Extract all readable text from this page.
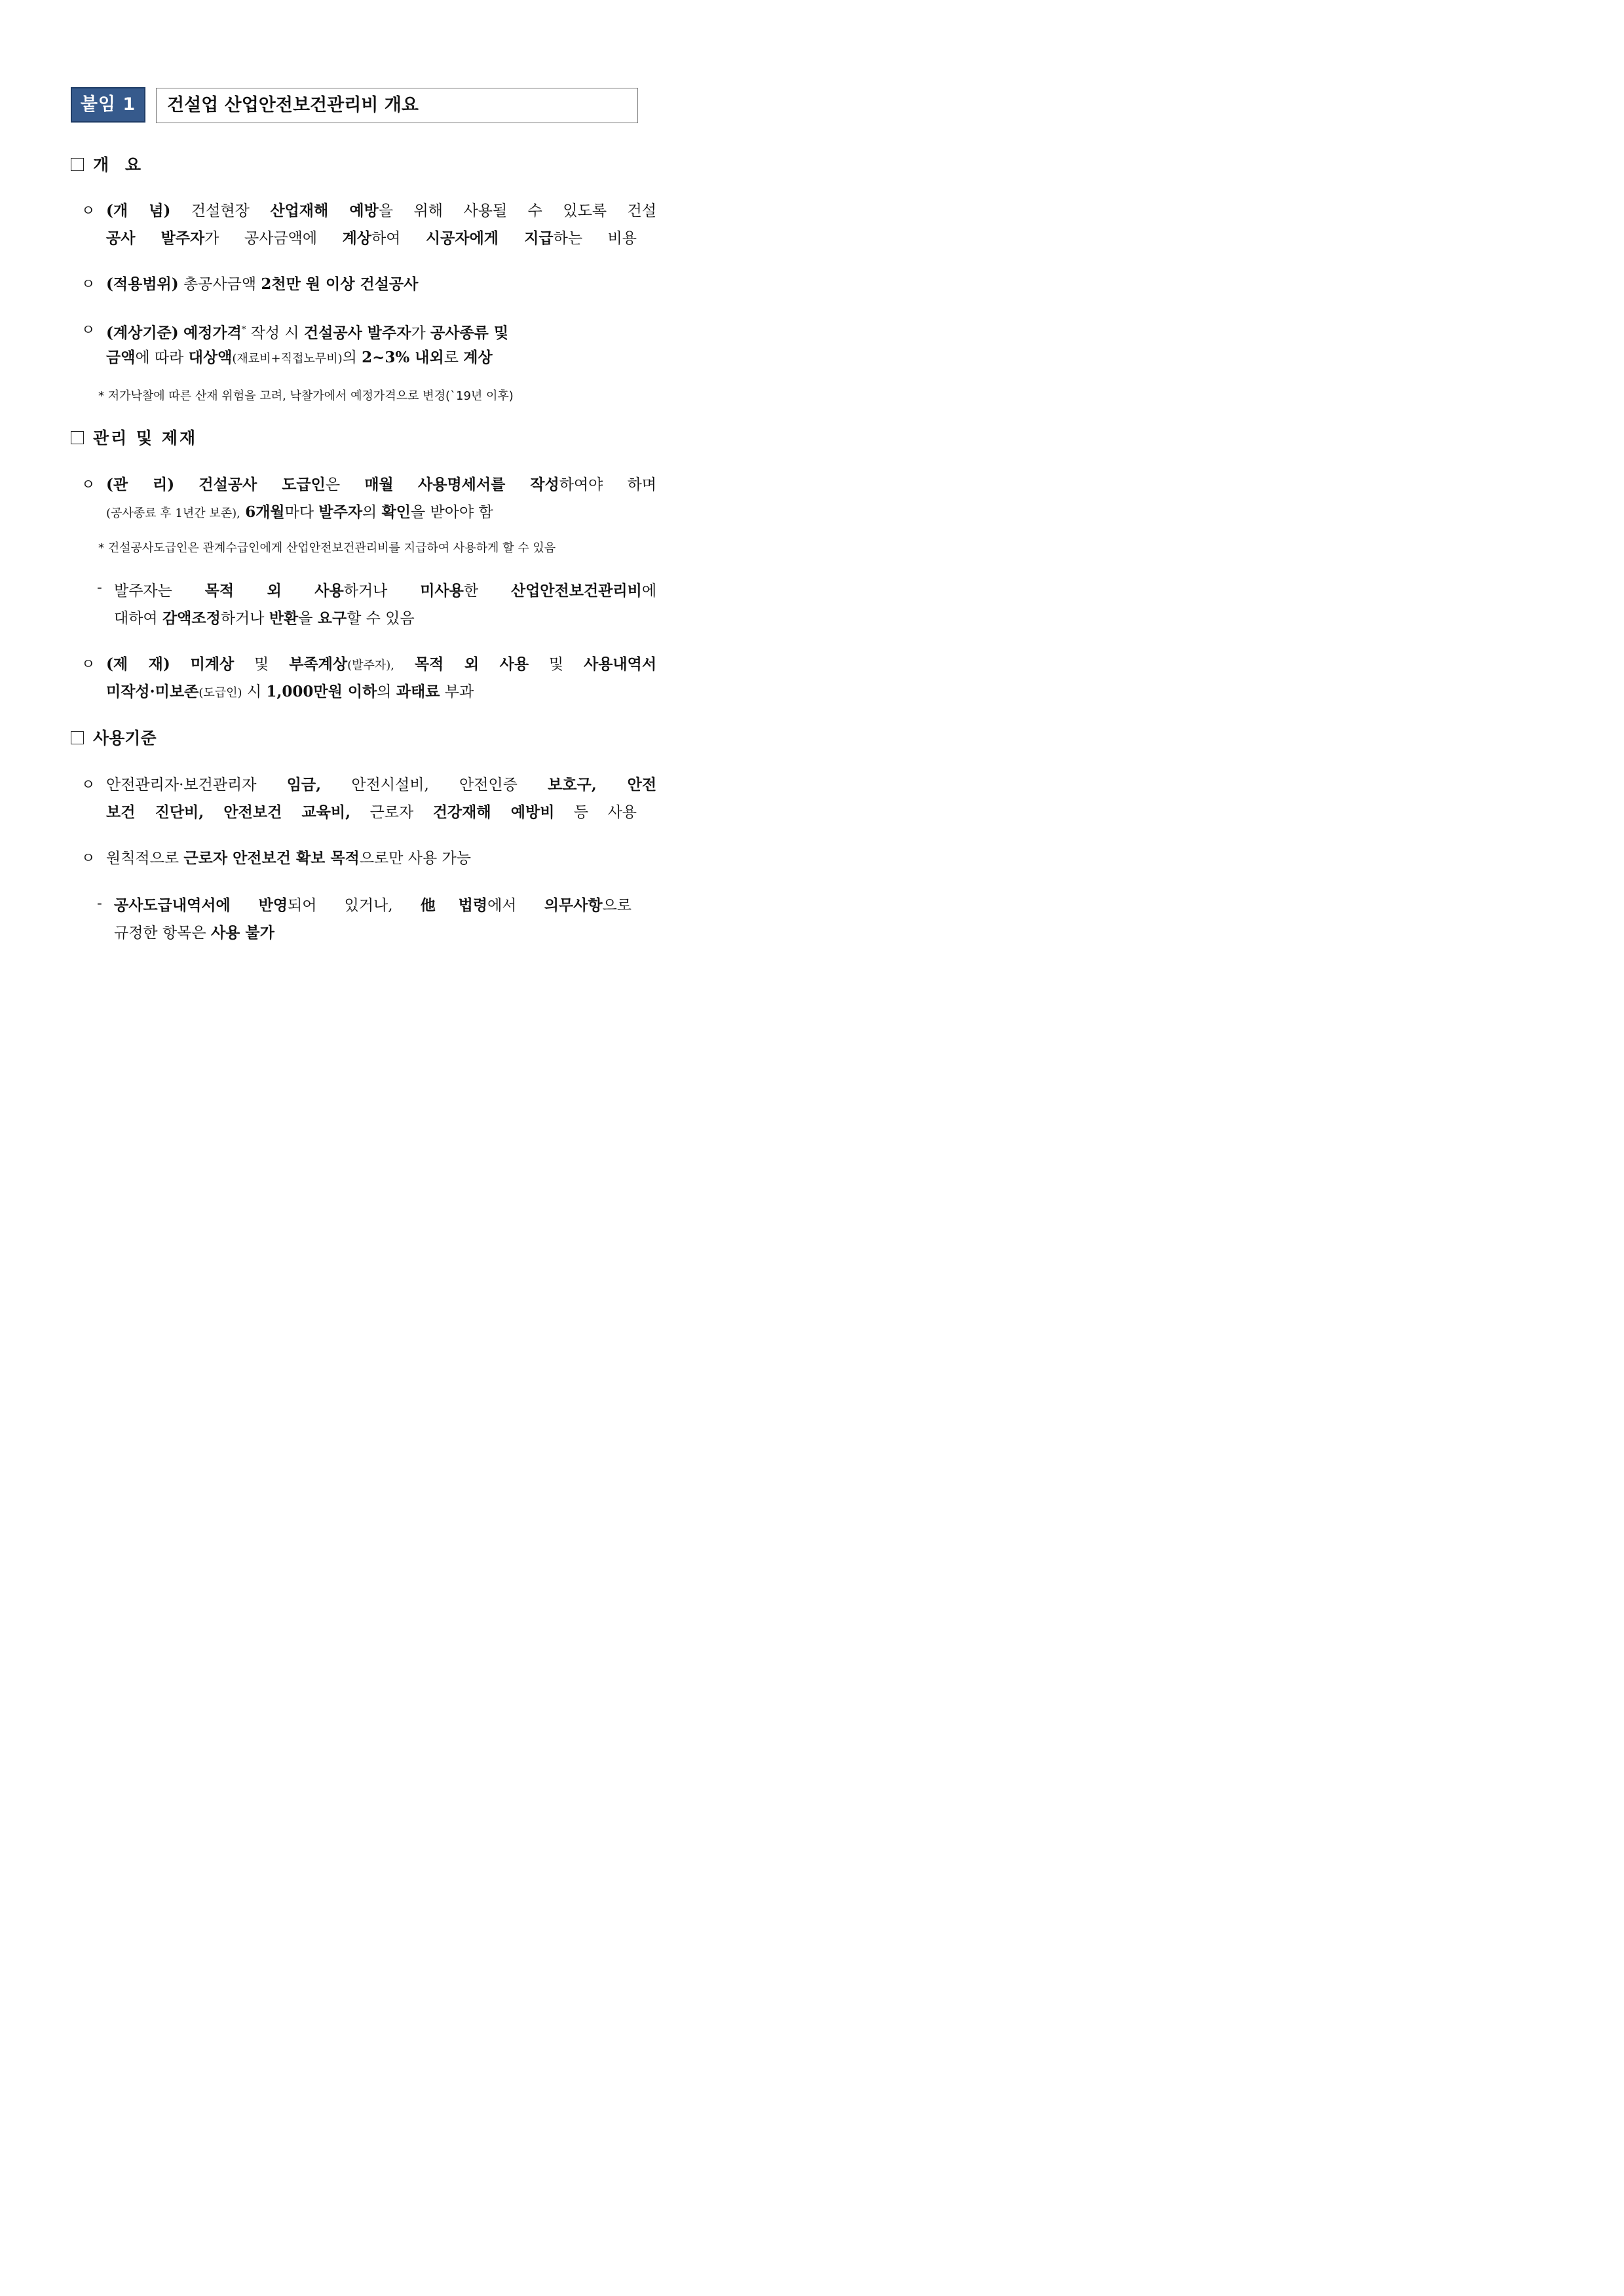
붙임 1	건설업 산업안전보건관리비 개요
개 요
ㅇ (개 념) 건설현장 산업재해 예방을 위해 사용될 수 있도록 건설
공사 발주자가 공사금액에 계상하여 시공자에게 지급하는 비용
ㅇ (적용범위) 총공사금액 2천만 원 이상 건설공사
ㅇ (계상기준) 예정가격* 작성 시 건설공사 발주자가 공사종류 및
금액에 따라 대상액(재료비+직접노무비)의 2~3% 내외로 계상
* 저가낙찰에 따른 산재 위험을 고려, 낙찰가에서 예정가격으로 변경(`19년 이후)
관리 및 제재
ㅇ (관 리) 건설공사 도급인은 매월 사용명세서를 작성하여야 하며
(공사종료 후 1년간 보존), 6개월마다 발주자의 확인을 받아야 함
* 건설공사도급인은 관계수급인에게 산업안전보건관리비를 지급하여 사용하게 할 수 있음
- 발주자는 목적 외 사용하거나 미사용한 산업안전보건관리비에
대하여 감액조정하거나 반환을 요구할 수 있음
ㅇ (제 재) 미계상 및 부족계상(발주자), 목적 외 사용 및 사용내역서
미작성·미보존(도급인) 시 1,000만원 이하의 과태료 부과
사용기준
ㅇ 안전관리자·보건관리자 임금, 안전시설비, 안전인증 보호구, 안전
보건 진단비, 안전보건 교육비, 근로자 건강재해 예방비 등 사용
ㅇ 원칙적으로 근로자 안전보건 확보 목적으로만 사용 가능
- 공사도급내역서에 반영되어 있거나, 他법령에서 의무사항으로
규정한 항목은 사용 불가
